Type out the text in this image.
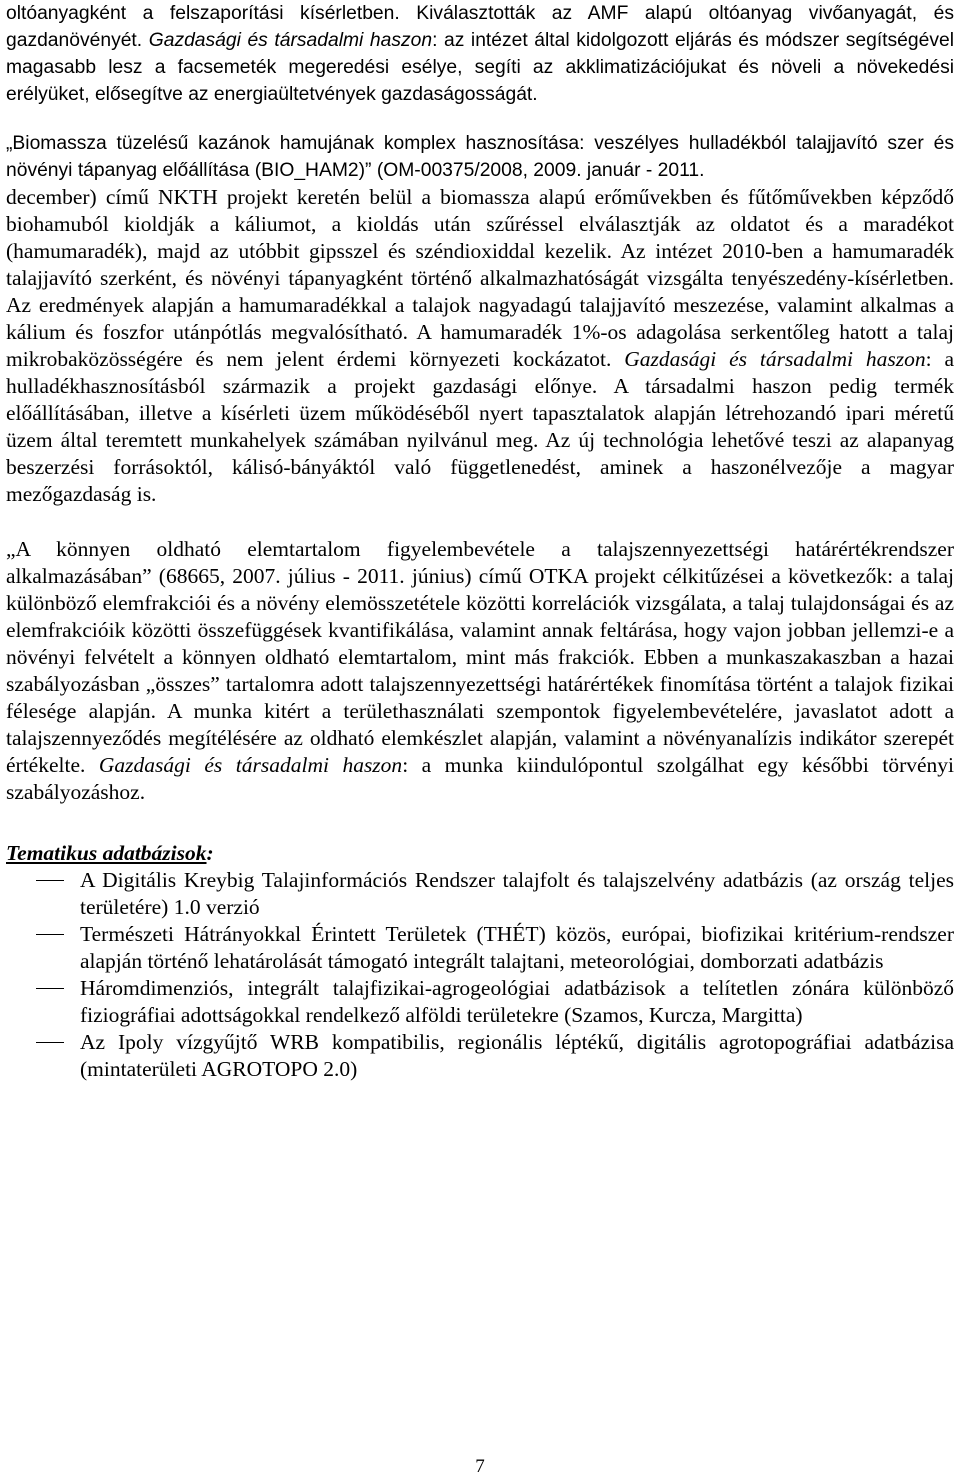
oltóanyagként a felszaporítási kísérletben. Kiválasztották az AMF alapú oltóanyag vivőanyagát, és gazdanövényét. Gazdasági és társadalmi haszon: az intézet által kidolgozott eljárás és módszer segítségével magasabb lesz a facsemeték megeredési esélye, segíti az akklimatizációjukat és növeli a növekedési erélyüket, elősegítve az energiaültetvények gazdaságosságát.

„Biomassza tüzelésű kazánok hamujának komplex hasznosítása: veszélyes hulladékból talajjavító szer és növényi tápanyag előállítása (BIO_HAM2)” (OM-00375/2008, 2009. január - 2011.

december) című NKTH projekt keretén belül a biomassza alapú erőművekben és fűtőművekben képződő biohamuból kioldják a káliumot, a kioldás után szűréssel elválasztják az oldatot és a maradékot (hamumaradék), majd az utóbbit gipsszel és széndioxiddal kezelik. Az intézet 2010-ben a hamumaradék talajjavító szerként, és növényi tápanyagként történő alkalmazhatóságát vizsgálta tenyészedény-kísérletben. Az eredmények alapján a hamumaradékkal a talajok nagyadagú talajjavító meszezése, valamint alkalmas a kálium és foszfor utánpótlás megvalósítható. A hamumaradék 1%-os adagolása serkentőleg hatott a talaj mikrobaközösségére és nem jelent érdemi környezeti kockázatot. Gazdasági és társadalmi haszon: a hulladékhasznosításból származik a projekt gazdasági előnye. A társadalmi haszon pedig termék előállításában, illetve a kísérleti üzem működéséből nyert tapasztalatok alapján létrehozandó ipari méretű üzem által teremtett munkahelyek számában nyilvánul meg. Az új technológia lehetővé teszi az alapanyag beszerzési forrásoktól, kálisó-bányáktól való függetlenedést, aminek a haszonélvezője a magyar mezőgazdaság is.

„A könnyen oldható elemtartalom figyelembevétele a talajszennyezettségi határértékrendszer alkalmazásában” (68665, 2007. július - 2011. június) című OTKA projekt célkitűzései a következők: a talaj különböző elemfrakciói és a növény elemösszetétele közötti korrelációk vizsgálata, a talaj tulajdonságai és az elemfrakcióik közötti összefüggések kvantifikálása, valamint annak feltárása, hogy vajon jobban jellemzi-e a növényi felvételt a könnyen oldható elemtartalom, mint más frakciók. Ebben a munkaszakaszban a hazai szabályozásban „összes” tartalomra adott talajszennyezettségi határértékek finomítása történt a talajok fizikai félesége alapján. A munka kitért a területhasználati szempontok figyelembevételére, javaslatot adott a talajszennyeződés megítélésére az oldható elemkészlet alapján, valamint a növényanalízis indikátor szerepét értékelte. Gazdasági és társadalmi haszon: a munka kiindulópontul szolgálhat egy későbbi törvényi szabályozáshoz.

Tematikus adatbázisok:

A Digitális Kreybig Talajinformációs Rendszer talajfolt és talajszelvény adatbázis (az ország teljes területére) 1.0 verzió
Természeti Hátrányokkal Érintett Területek (THÉT) közös, európai, biofizikai kritérium-rendszer alapján történő lehatárolását támogató integrált talajtani, meteorológiai, domborzati adatbázis
Háromdimenziós, integrált talajfizikai-agrogeológiai adatbázisok a telítetlen zónára különböző fiziográfiai adottságokkal rendelkező alföldi területekre (Szamos, Kurcza, Margitta)
Az Ipoly vízgyűjtő WRB kompatibilis, regionális léptékű, digitális agrotopográfiai adatbázisa (mintaterületi AGROTOPO 2.0)
7
